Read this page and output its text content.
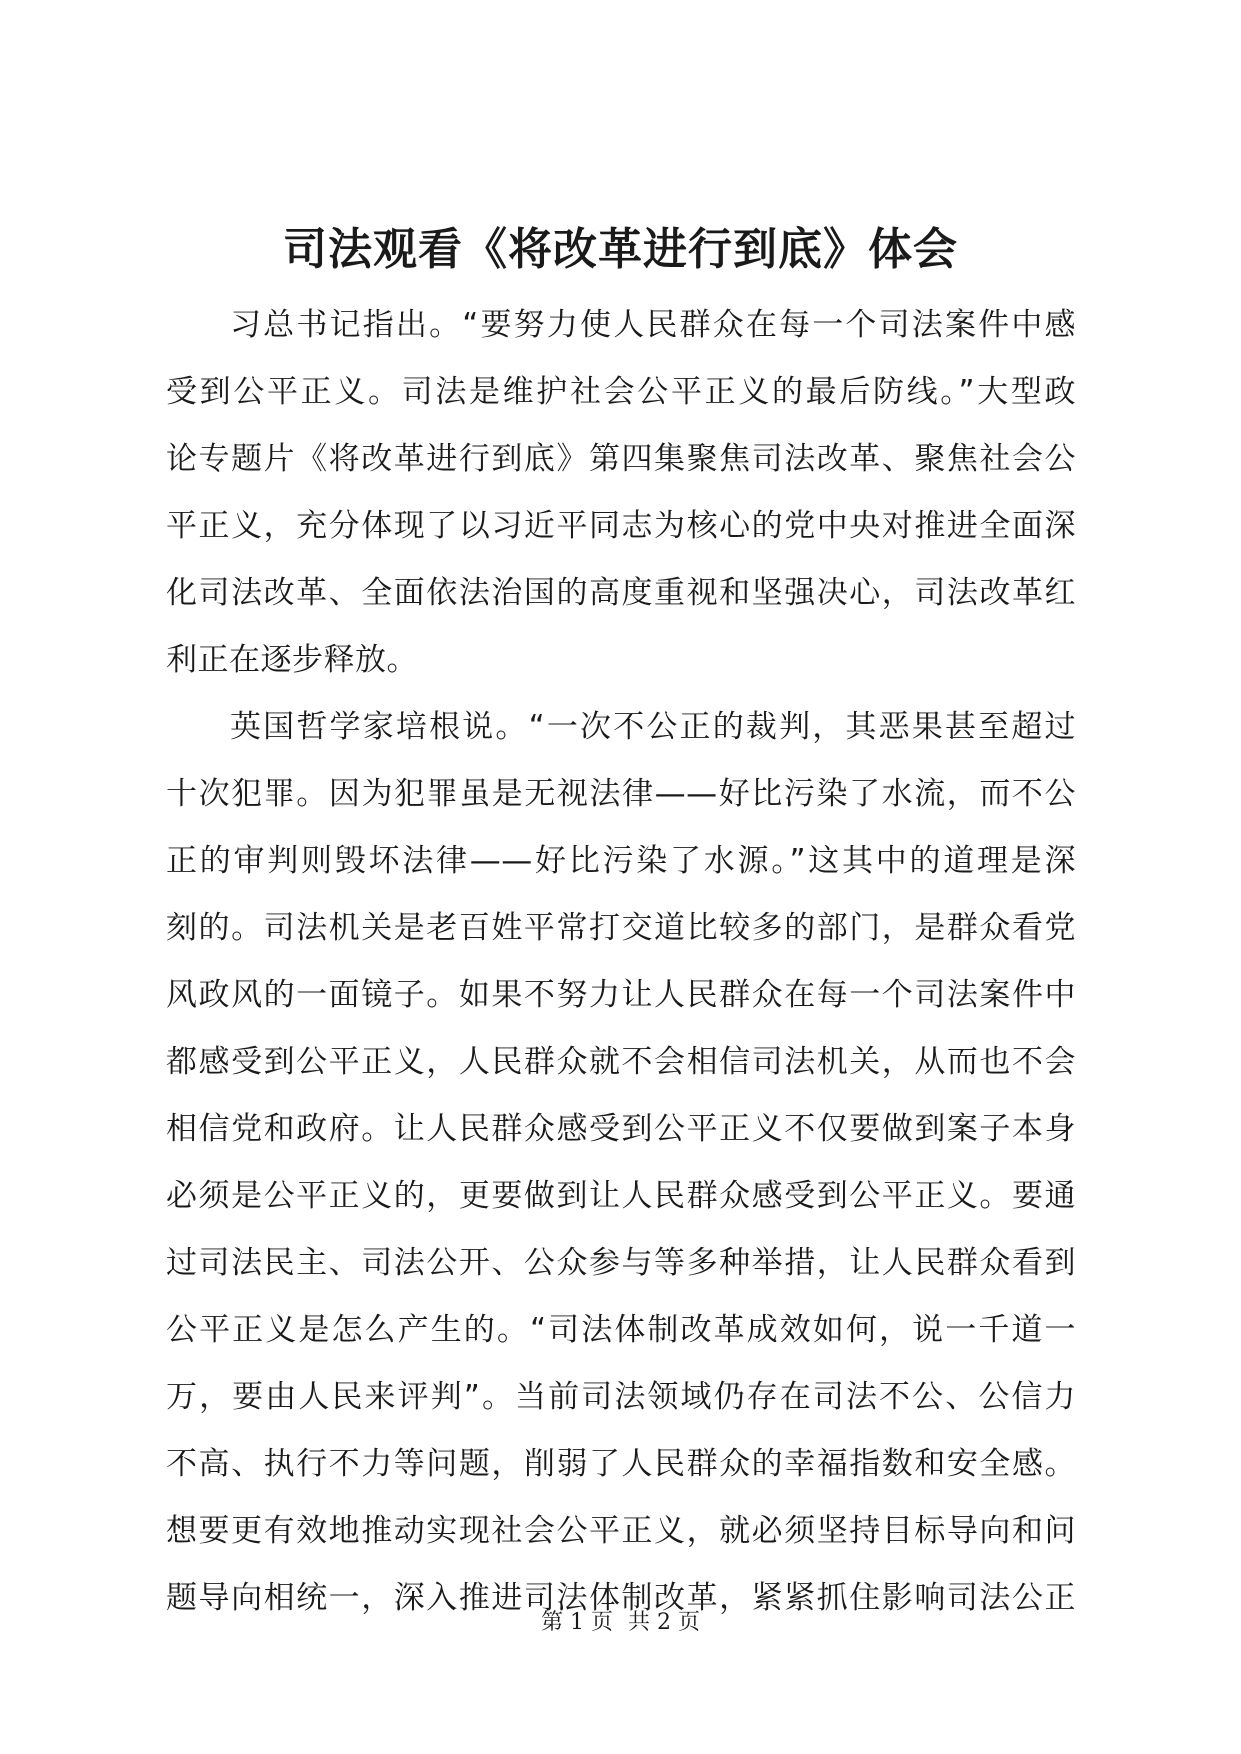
司法观看《将改革进行到底》体会
习总书记指出。“要努力使人民群众在每一个司法案件中感
受到公平正义。司法是维护社会公平正义的最后防线。”大型政
论专题片《将改革进行到底》第四集聚焦司法改革、聚焦社会公
平正义，充分体现了以习近平同志为核心的党中央对推进全面深
化司法改革、全面依法治国的高度重视和坚强决心，司法改革红
利正在逐步释放。
英国哲学家培根说。“一次不公正的裁判，其恶果甚至超过
十次犯罪。因为犯罪虽是无视法律——好比污染了水流，而不公
正的审判则毁坏法律——好比污染了水源。”这其中的道理是深
刻的。司法机关是老百姓平常打交道比较多的部门，是群众看党
风政风的一面镜子。如果不努力让人民群众在每一个司法案件中
都感受到公平正义，人民群众就不会相信司法机关，从而也不会
相信党和政府。让人民群众感受到公平正义不仅要做到案子本身
必须是公平正义的，更要做到让人民群众感受到公平正义。要通
过司法民主、司法公开、公众参与等多种举措，让人民群众看到
公平正义是怎么产生的。“司法体制改革成效如何，说一千道一
万，要由人民来评判”。当前司法领域仍存在司法不公、公信力
不高、执行不力等问题，削弱了人民群众的幸福指数和安全感。
想要更有效地推动实现社会公平正义，就必须坚持目标导向和问
题导向相统一，深入推进司法体制改革，紧紧抓住影响司法公正
第 1 页 共 2 页
